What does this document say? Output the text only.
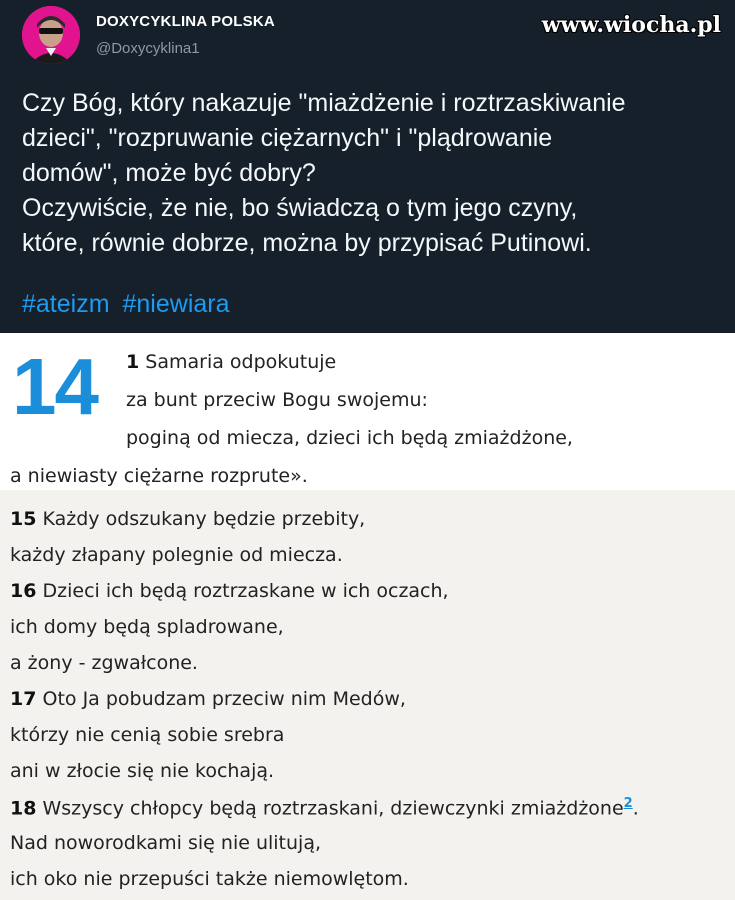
DOXYCYKLINA POLSKA
@Doxycyklina1
www.wiocha.pl
Czy Bóg, który nakazuje "miażdżenie i roztrzaskiwanie
dzieci", "rozpruwanie ciężarnych" i "plądrowanie
domów", może być dobry?
Oczywiście, że nie, bo świadczą o tym jego czyny,
które, równie dobrze, można by przypisać Putinowi.
#ateizm #niewiara
14 1 Samaria odpokutuje
za bunt przeciw Bogu swojemu:
poginą od miecza, dzieci ich będą zmiażdżone,
a niewiasty ciężarne rozprute».
15 Każdy odszukany będzie przebity,
każdy złapany polegnie od miecza.
16 Dzieci ich będą roztrzaskane w ich oczach,
ich domy będą spladrowane,
a żony - zgwałcone.
17 Oto Ja pobudzam przeciw nim Medów,
którzy nie cenią sobie srebra
ani w złocie się nie kochają.
18 Wszyscy chłopcy będą roztrzaskani, dziewczynki zmiażdżone$^2$.
Nad noworodkami się nie ulitują,
ich oko nie przepuści także niemowlętom.
